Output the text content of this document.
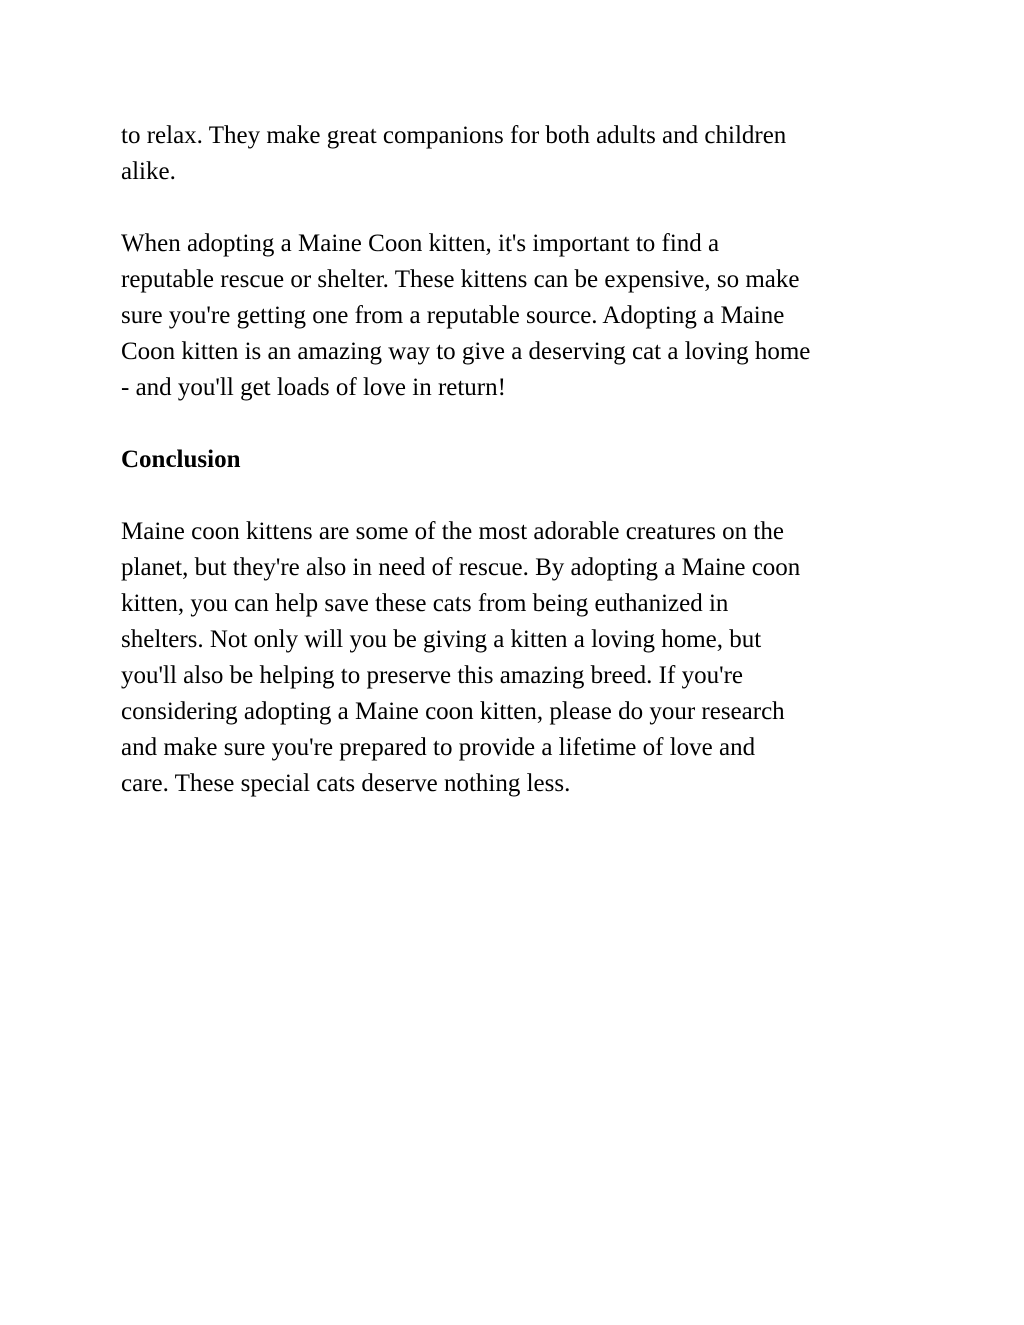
to relax. They make great companions for both adults and children
alike.
When adopting a Maine Coon kitten, it's important to find a
reputable rescue or shelter. These kittens can be expensive, so make
sure you're getting one from a reputable source. Adopting a Maine
Coon kitten is an amazing way to give a deserving cat a loving home
- and you'll get loads of love in return!
Conclusion
Maine coon kittens are some of the most adorable creatures on the
planet, but they're also in need of rescue. By adopting a Maine coon
kitten, you can help save these cats from being euthanized in
shelters. Not only will you be giving a kitten a loving home, but
you'll also be helping to preserve this amazing breed. If you're
considering adopting a Maine coon kitten, please do your research
and make sure you're prepared to provide a lifetime of love and
care. These special cats deserve nothing less.
